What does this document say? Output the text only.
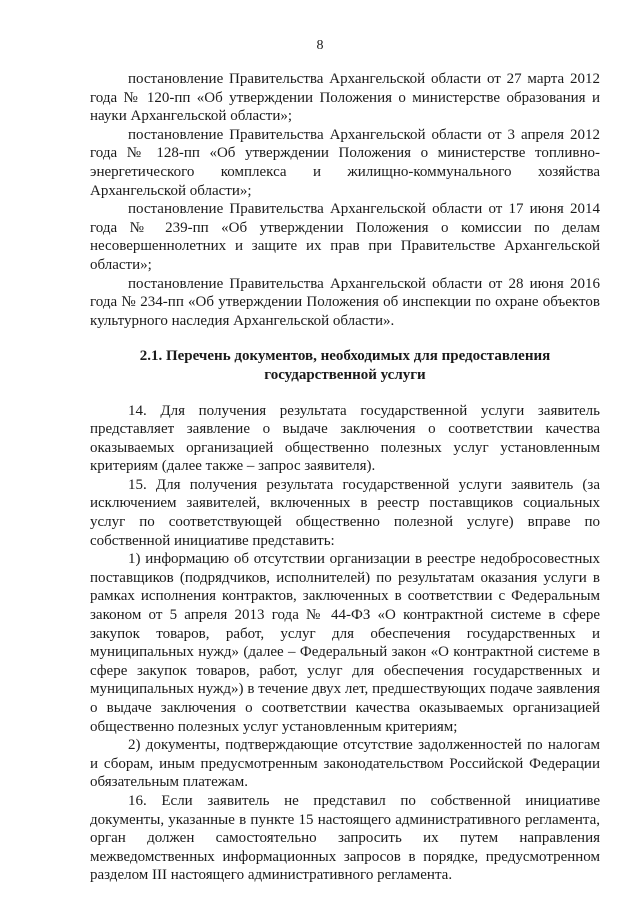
8

постановление Правительства Архангельской области от 27 марта 2012 года № 120-пп «Об утверждении Положения о министерстве образования и науки Архангельской области»;

постановление Правительства Архангельской области от 3 апреля 2012 года № 128-пп «Об утверждении Положения о министерстве топливно-энергетического комплекса и жилищно-коммунального хозяйства Архангельской области»;

постановление Правительства Архангельской области от 17 июня 2014 года № 239-пп «Об утверждении Положения о комиссии по делам несовершеннолетних и защите их прав при Правительстве Архангельской области»;

постановление Правительства Архангельской области от 28 июня 2016 года № 234-пп «Об утверждении Положения об инспекции по охране объектов культурного наследия Архангельской области».

2.1. Перечень документов, необходимых для предоставления
государственной услуги

14. Для получения результата государственной услуги заявитель представляет заявление о выдаче заключения о соответствии качества оказываемых организацией общественно полезных услуг установленным критериям (далее также – запрос заявителя).

15. Для получения результата государственной услуги заявитель (за исключением заявителей, включенных в реестр поставщиков социальных услуг по соответствующей общественно полезной услуге) вправе по собственной инициативе представить:

1) информацию об отсутствии организации в реестре недобросовестных поставщиков (подрядчиков, исполнителей) по результатам оказания услуги в рамках исполнения контрактов, заключенных в соответствии с Федеральным законом от 5 апреля 2013 года № 44-ФЗ «О контрактной системе в сфере закупок товаров, работ, услуг для обеспечения государственных и муниципальных нужд» (далее – Федеральный закон «О контрактной системе в сфере закупок товаров, работ, услуг для обеспечения государственных и муниципальных нужд») в течение двух лет, предшествующих подаче заявления о выдаче заключения о соответствии качества оказываемых организацией общественно полезных услуг установленным критериям;

2) документы, подтверждающие отсутствие задолженностей по налогам и сборам, иным предусмотренным законодательством Российской Федерации обязательным платежам.

16. Если заявитель не представил по собственной инициативе документы, указанные в пункте 15 настоящего административного регламента, орган должен самостоятельно запросить их путем направления межведомственных информационных запросов в порядке, предусмотренном разделом III настоящего административного регламента.
